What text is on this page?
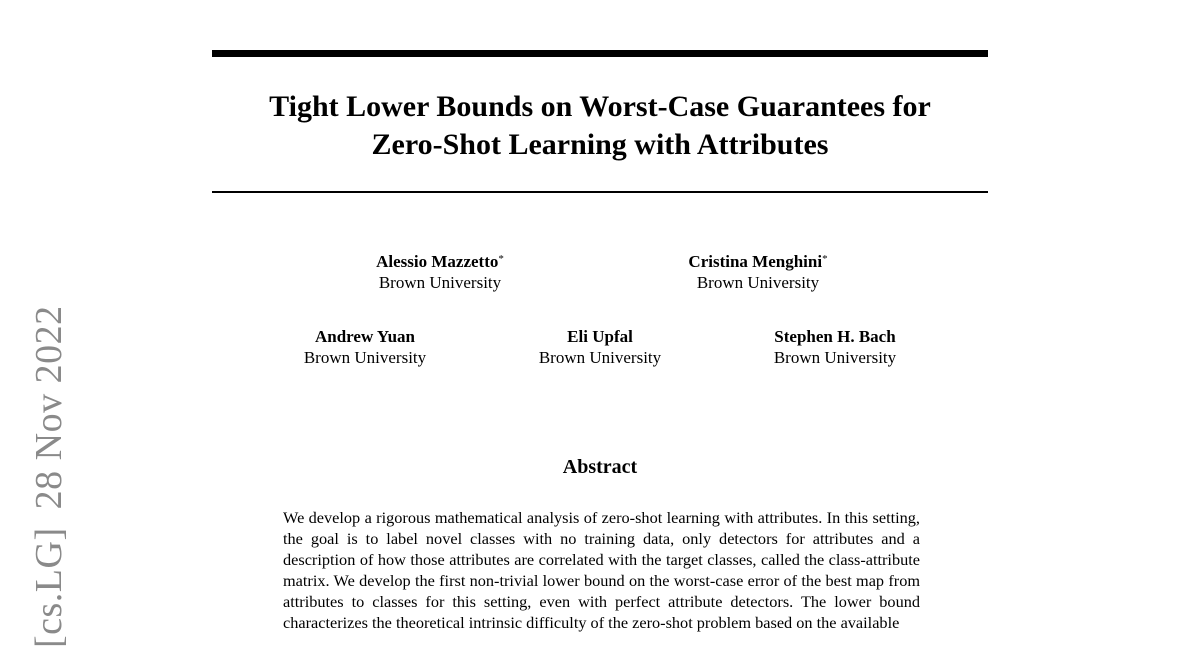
[cs.LG]28 Nov 2022
Tight Lower Bounds on Worst-Case Guarantees for
Zero-Shot Learning with Attributes
Alessio Mazzetto*
Brown University
Cristina Menghini*
Brown University
Andrew Yuan
Brown University
Eli Upfal
Brown University
Stephen H. Bach
Brown University
Abstract

We develop a rigorous mathematical analysis of zero-shot learning with attributes. In this setting, the goal is to label novel classes with no training data, only detectors for attributes and a description of how those attributes are correlated with the target classes, called the class-attribute matrix. We develop the first non-trivial lower bound on the worst-case error of the best map from attributes to classes for this setting, even with perfect attribute detectors. The lower bound characterizes the theoretical intrinsic difficulty of the zero-shot problem based on the available
